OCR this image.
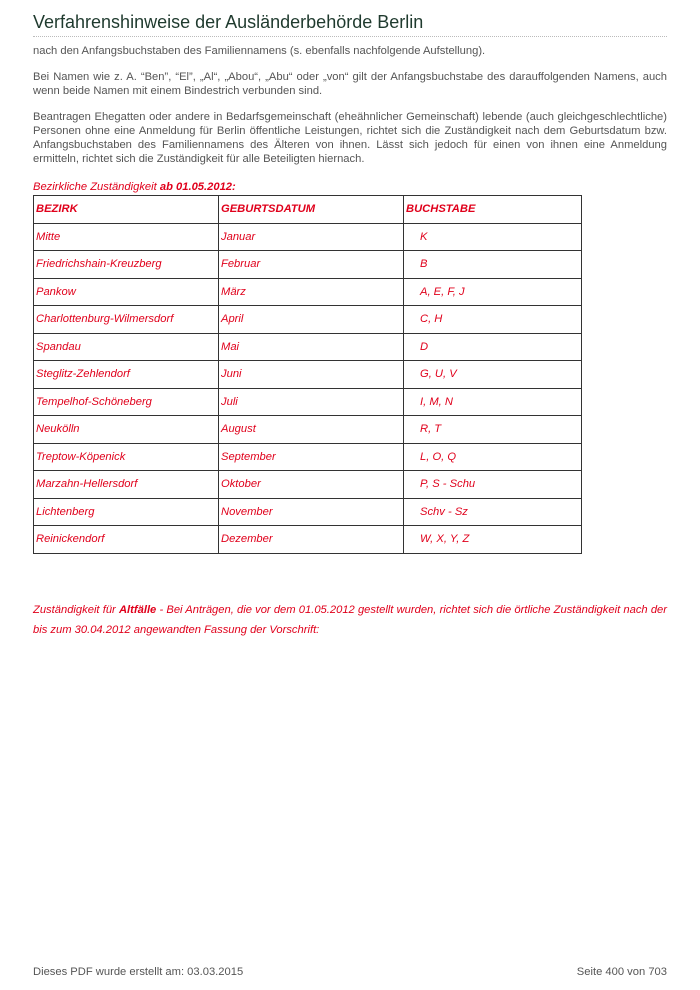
Verfahrenshinweise der Ausländerbehörde Berlin

nach den Anfangsbuchstaben des Familiennamens (s. ebenfalls nachfolgende Aufstellung).

Bei Namen wie z. A. “Ben”, “El”, „Al“, „Abou“, „Abu“ oder „von“ gilt der Anfangsbuchstabe des darauffolgenden Namens, auch wenn beide Namen mit einem Bindestrich verbunden sind.

Beantragen Ehegatten oder andere in Bedarfsgemeinschaft (eheähnlicher Gemeinschaft) lebende (auch gleichgeschlechtliche) Personen ohne eine Anmeldung für Berlin öffentliche Leistungen, richtet sich die Zuständigkeit nach dem Geburtsdatum bzw. Anfangsbuchstaben des Familiennamens des Älteren von ihnen. Lässt sich jedoch für einen von ihnen eine Anmeldung ermitteln, richtet sich die Zuständigkeit für alle Beteiligten hiernach.

Bezirkliche Zuständigkeit ab 01.05.2012:

BEZIRK	GEBURTSDATUM	BUCHSTABE
Mitte	Januar	K
Friedrichshain-Kreuzberg	Februar	B
Pankow	März	A, E, F, J
Charlottenburg-Wilmersdorf	April	C, H
Spandau	Mai	D
Steglitz-Zehlendorf	Juni	G, U, V
Tempelhof-Schöneberg	Juli	I, M, N
Neukölln	August	R, T
Treptow-Köpenick	September	L, O, Q
Marzahn-Hellersdorf	Oktober	P, S - Schu
Lichtenberg	November	Schv - Sz
Reinickendorf	Dezember	W, X, Y, Z

Zuständigkeit für Altfälle - Bei Anträgen, die vor dem 01.05.2012 gestellt wurden, richtet sich die örtliche Zuständigkeit nach der bis zum 30.04.2012 angewandten Fassung der Vorschrift:

Dieses PDF wurde erstellt am: 03.03.2015	Seite 400 von 703
